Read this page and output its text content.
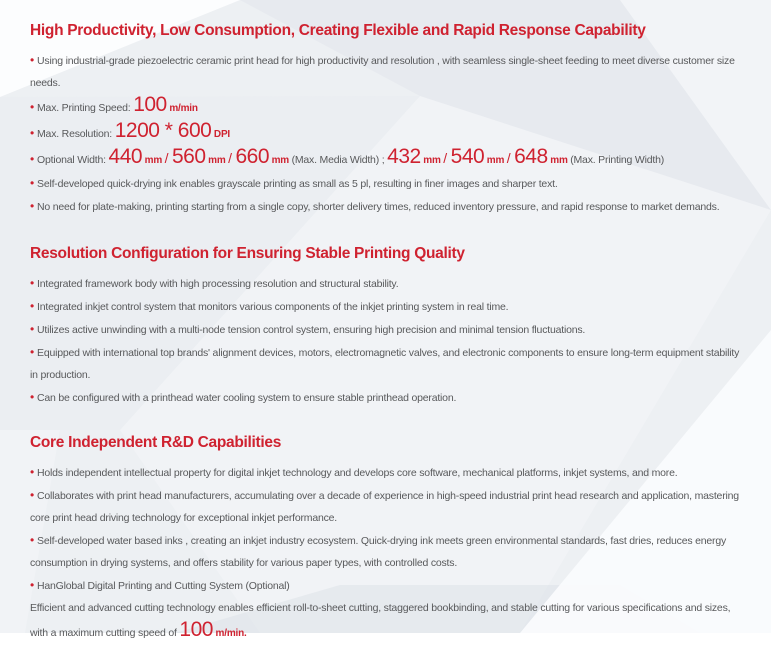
High Productivity, Low Consumption, Creating Flexible and Rapid Response Capability

• Using industrial-grade piezoelectric ceramic print head for high productivity and resolution , with seamless single-sheet feeding to meet diverse customer size needs.

• Max. Printing Speed: 100 m/min

• Max. Resolution: 1200 * 600 DPI

• Optional Width: 440 mm / 560 mm / 660 mm (Max. Media Width) ; 432 mm / 540 mm / 648 mm (Max. Printing Width)

• Self-developed quick-drying ink enables grayscale printing as small as 5 pl, resulting in finer images and sharper text.

• No need for plate-making, printing starting from a single copy, shorter delivery times, reduced inventory pressure, and rapid response to market demands.

Resolution Configuration for Ensuring Stable Printing Quality

• Integrated framework body with high processing resolution and structural stability.

• Integrated inkjet control system that monitors various components of the inkjet printing system in real time.

• Utilizes active unwinding with a multi-node tension control system, ensuring high precision and minimal tension fluctuations.

• Equipped with international top brands' alignment devices, motors, electromagnetic valves, and electronic components to ensure long-term equipment stability in production.

• Can be configured with a printhead water cooling system to ensure stable printhead operation.

Core Independent R&D Capabilities

• Holds independent intellectual property for digital inkjet technology and develops core software, mechanical platforms, inkjet systems, and more.

• Collaborates with print head manufacturers, accumulating over a decade of experience in high-speed industrial print head research and application, mastering core print head driving technology for exceptional inkjet performance.

• Self-developed water based inks , creating an inkjet industry ecosystem. Quick-drying ink meets green environmental standards, fast dries, reduces energy consumption in drying systems, and offers stability for various paper types, with controlled costs.

• HanGlobal Digital Printing and Cutting System (Optional)

Efficient and advanced cutting technology enables efficient roll-to-sheet cutting, staggered bookbinding, and stable cutting for various specifications and sizes, with a maximum cutting speed of 100 m/min.
